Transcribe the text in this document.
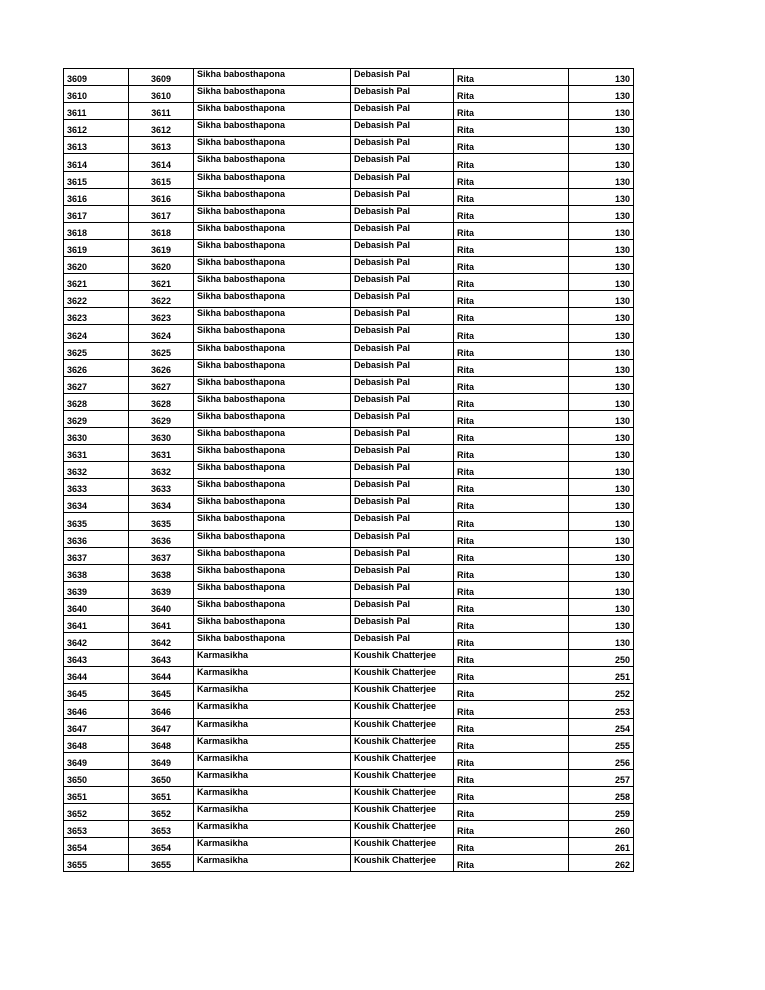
3609	3609	Sikha babosthapona	Debasish Pal	Rita	130
3610	3610	Sikha babosthapona	Debasish Pal	Rita	130
3611	3611	Sikha babosthapona	Debasish Pal	Rita	130
3612	3612	Sikha babosthapona	Debasish Pal	Rita	130
3613	3613	Sikha babosthapona	Debasish Pal	Rita	130
3614	3614	Sikha babosthapona	Debasish Pal	Rita	130
3615	3615	Sikha babosthapona	Debasish Pal	Rita	130
3616	3616	Sikha babosthapona	Debasish Pal	Rita	130
3617	3617	Sikha babosthapona	Debasish Pal	Rita	130
3618	3618	Sikha babosthapona	Debasish Pal	Rita	130
3619	3619	Sikha babosthapona	Debasish Pal	Rita	130
3620	3620	Sikha babosthapona	Debasish Pal	Rita	130
3621	3621	Sikha babosthapona	Debasish Pal	Rita	130
3622	3622	Sikha babosthapona	Debasish Pal	Rita	130
3623	3623	Sikha babosthapona	Debasish Pal	Rita	130
3624	3624	Sikha babosthapona	Debasish Pal	Rita	130
3625	3625	Sikha babosthapona	Debasish Pal	Rita	130
3626	3626	Sikha babosthapona	Debasish Pal	Rita	130
3627	3627	Sikha babosthapona	Debasish Pal	Rita	130
3628	3628	Sikha babosthapona	Debasish Pal	Rita	130
3629	3629	Sikha babosthapona	Debasish Pal	Rita	130
3630	3630	Sikha babosthapona	Debasish Pal	Rita	130
3631	3631	Sikha babosthapona	Debasish Pal	Rita	130
3632	3632	Sikha babosthapona	Debasish Pal	Rita	130
3633	3633	Sikha babosthapona	Debasish Pal	Rita	130
3634	3634	Sikha babosthapona	Debasish Pal	Rita	130
3635	3635	Sikha babosthapona	Debasish Pal	Rita	130
3636	3636	Sikha babosthapona	Debasish Pal	Rita	130
3637	3637	Sikha babosthapona	Debasish Pal	Rita	130
3638	3638	Sikha babosthapona	Debasish Pal	Rita	130
3639	3639	Sikha babosthapona	Debasish Pal	Rita	130
3640	3640	Sikha babosthapona	Debasish Pal	Rita	130
3641	3641	Sikha babosthapona	Debasish Pal	Rita	130
3642	3642	Sikha babosthapona	Debasish Pal	Rita	130
3643	3643	Karmasikha	Koushik Chatterjee	Rita	250
3644	3644	Karmasikha	Koushik Chatterjee	Rita	251
3645	3645	Karmasikha	Koushik Chatterjee	Rita	252
3646	3646	Karmasikha	Koushik Chatterjee	Rita	253
3647	3647	Karmasikha	Koushik Chatterjee	Rita	254
3648	3648	Karmasikha	Koushik Chatterjee	Rita	255
3649	3649	Karmasikha	Koushik Chatterjee	Rita	256
3650	3650	Karmasikha	Koushik Chatterjee	Rita	257
3651	3651	Karmasikha	Koushik Chatterjee	Rita	258
3652	3652	Karmasikha	Koushik Chatterjee	Rita	259
3653	3653	Karmasikha	Koushik Chatterjee	Rita	260
3654	3654	Karmasikha	Koushik Chatterjee	Rita	261
3655	3655	Karmasikha	Koushik Chatterjee	Rita	262
